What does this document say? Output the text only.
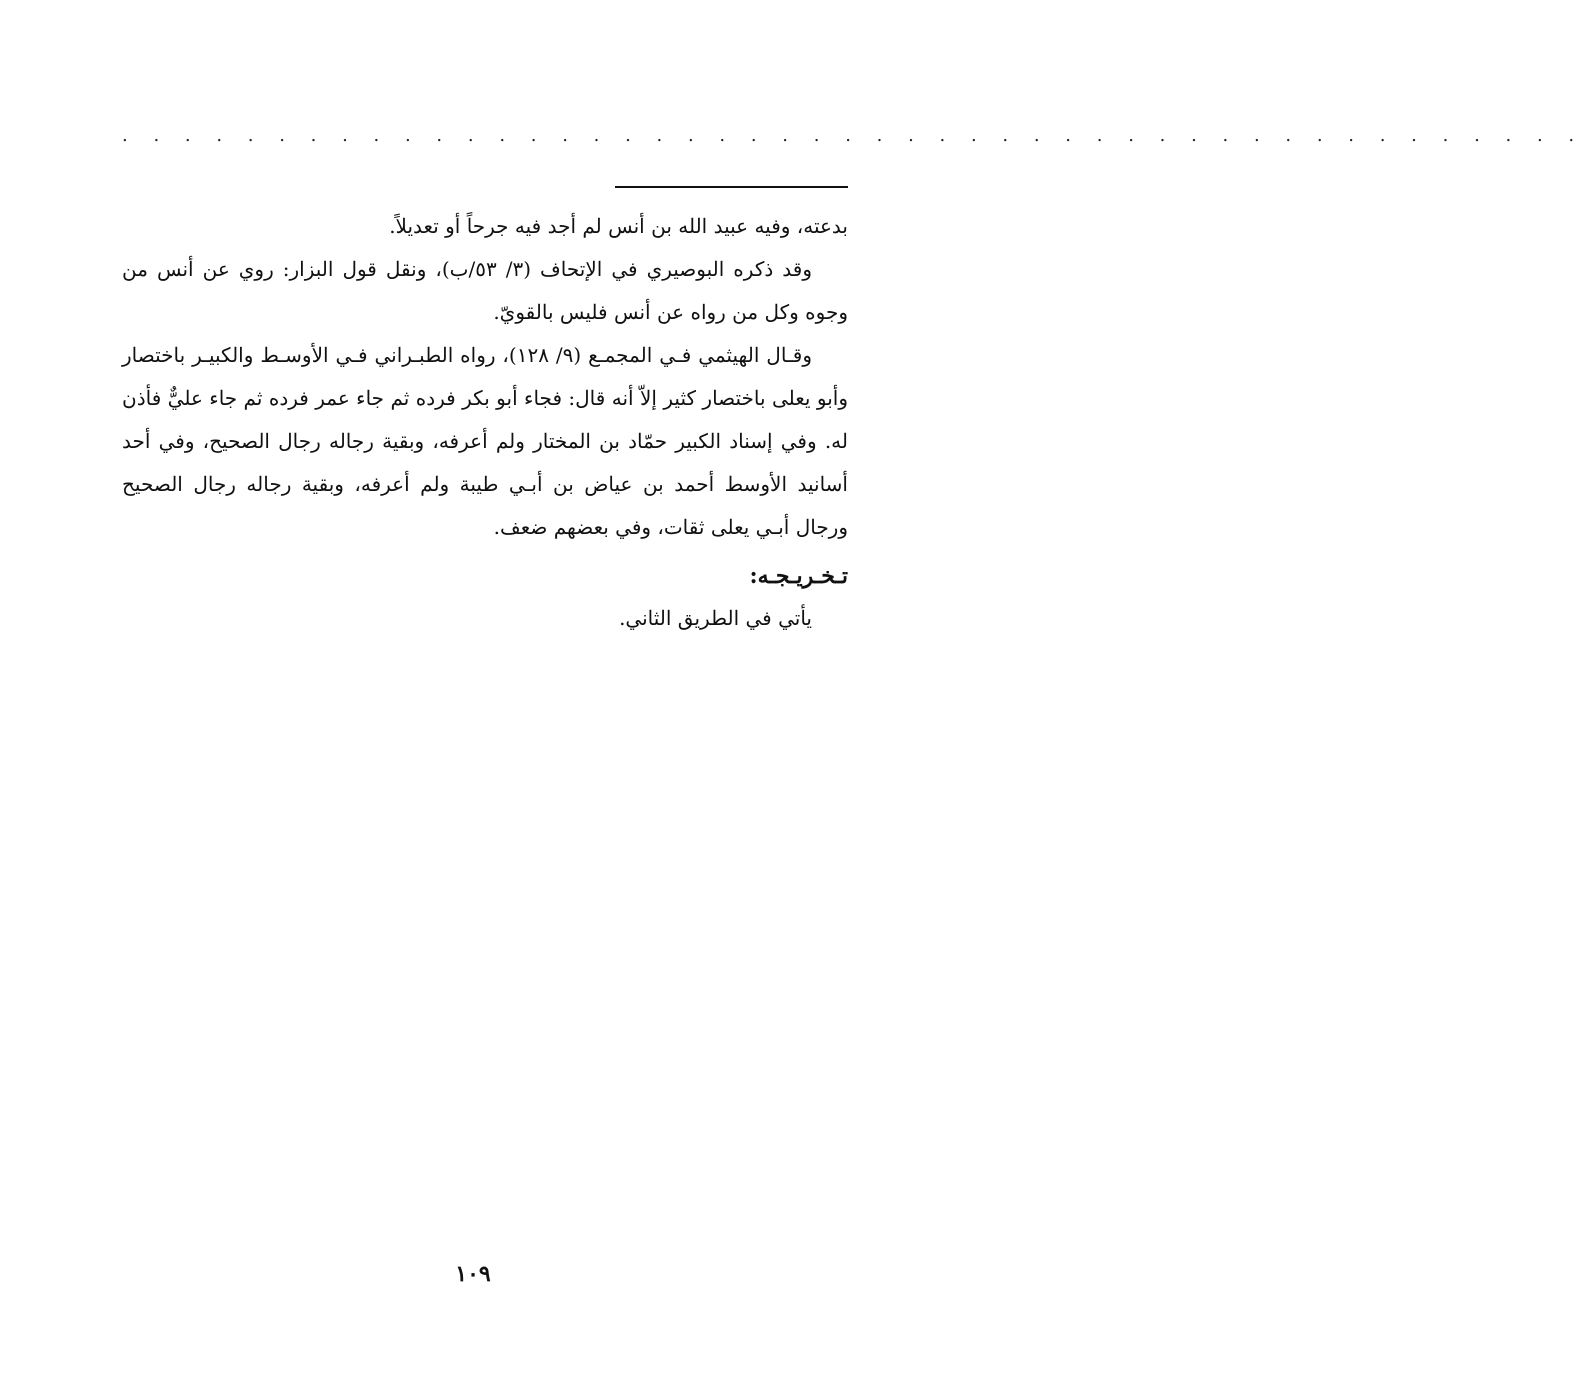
. . . . . . . . . . . . . . . . . . . . . . . . . . . . . . . . . . . . . . . . . . . . . . .

بدعته، وفيه عبيد الله بن أنس لم أجد فيه جرحاً أو تعديلاً.

وقد ذكره البوصيري في الإتحاف (٣/ ٥٣/ب)، ونقل قول البزار: روي عن أنس من وجوه وكل من رواه عن أنس فليس بالقويّ.

وقـال الهيثمي فـي المجمـع (٩/ ١٢٨)، رواه الطبـراني فـي الأوسـط والكبيـر باختصار وأبو يعلى باختصار كثير إلاّ أنه قال: فجاء أبو بكر فرده ثم جاء عمر فرده ثم جاء عليٌّ فأذن له. وفي إسناد الكبير حمّاد بن المختار ولم أعرفه، وبقية رجاله رجال الصحيح، وفي أحد أسانيد الأوسط أحمد بن عياض بن أبـي طيبة ولم أعرفه، وبقية رجاله رجال الصحيح ورجال أبـي يعلى ثقات، وفي بعضهم ضعف.

تـخـريـجـه:
يأتي في الطريق الثاني.
١٠٩
